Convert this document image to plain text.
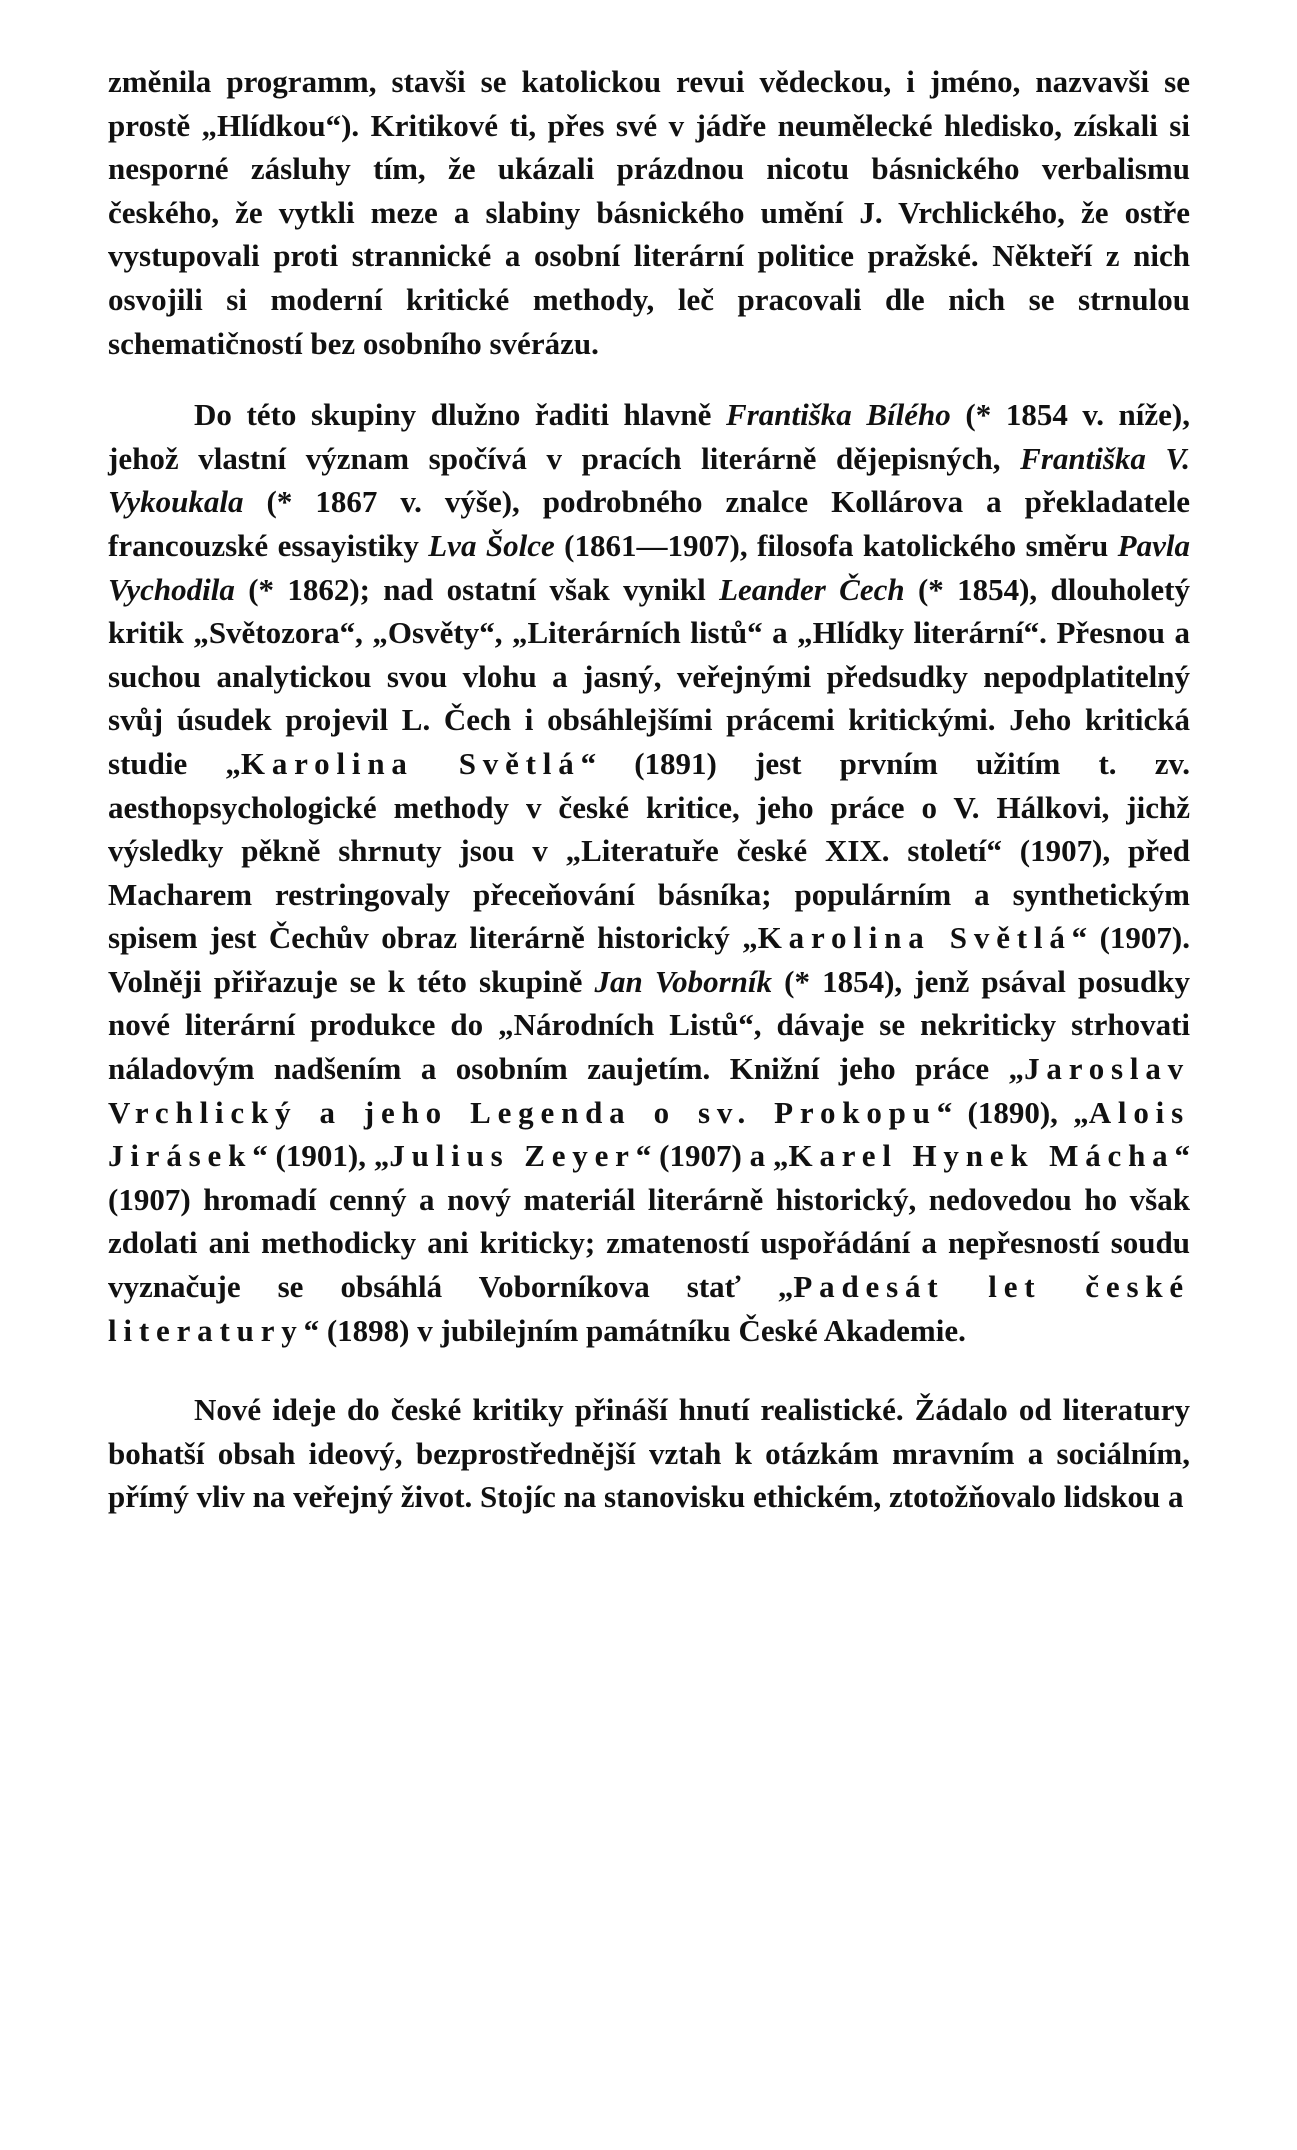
změnila programm, stavši se katolickou revui vědeckou, i jméno, nazvavši se prostě „Hlídkou“). Kritikové ti, přes své v jádře neumělecké hledisko, získali si nesporné zásluhy tím, že ukázali prázdnou nicotu básnického verbalismu českého, že vytkli meze a slabiny básnického umění J. Vrchlického, že ostře vystupovali proti strannické a osobní literární politice pražské. Někteří z nich osvojili si moderní kritické methody, leč pracovali dle nich se strnulou schematičností bez osobního svérázu.

Do této skupiny dlužno řaditi hlavně Františka Bílého (* 1854 v. níže), jehož vlastní význam spočívá v pracích literárně dějepisných, Františka V. Vykoukala (* 1867 v. výše), podrobného znalce Kollárova a překladatele francouzské essayistiky Lva Šolce (1861—1907), filosofa katolického směru Pavla Vychodila (* 1862); nad ostatní však vynikl Leander Čech (* 1854), dlouholetý kritik „Světozora“, „Osvěty“, „Literárních listů“ a „Hlídky literární“. Přesnou a suchou analytickou svou vlohu a jasný, veřejnými předsudky nepodplatitelný svůj úsudek projevil L. Čech i obsáhlejšími prácemi kritickými. Jeho kritická studie „Karolina Světlá“ (1891) jest prvním užitím t. zv. aesthopsychologické methody v české kritice, jeho práce o V. Hálkovi, jichž výsledky pěkně shrnuty jsou v „Literatuře české XIX. století“ (1907), před Macharem restringovaly přeceňování básníka; populárním a synthetickým spisem jest Čechův obraz literárně historický „Karolina Světlá“ (1907). Volněji přiřazuje se k této skupině Jan Voborník (* 1854), jenž psával posudky nové literární produkce do „Národních Listů“, dávaje se nekriticky strhovati náladovým nadšením a osobním zaujetím. Knižní jeho práce „Jaroslav Vrchlický a jeho Legenda o sv. Prokopu“ (1890), „Alois Jirásek“ (1901), „Julius Zeyer“ (1907) a „Karel Hynek Mácha“ (1907) hromadí cenný a nový materiál literárně historický, nedovedou ho však zdolati ani methodicky ani kriticky; zmateností uspořádání a nepřesností soudu vyznačuje se obsáhlá Voborníkova stať „Padesát let české literatury“ (1898) v jubilejním památníku České Akademie.

Nové ideje do české kritiky přináší hnutí realistické. Žádalo od literatury bohatší obsah ideový, bezprostřednější vztah k otázkám mravním a sociálním, přímý vliv na veřejný život. Stojíc na stanovisku ethickém, ztotožňovalo lidskou a
